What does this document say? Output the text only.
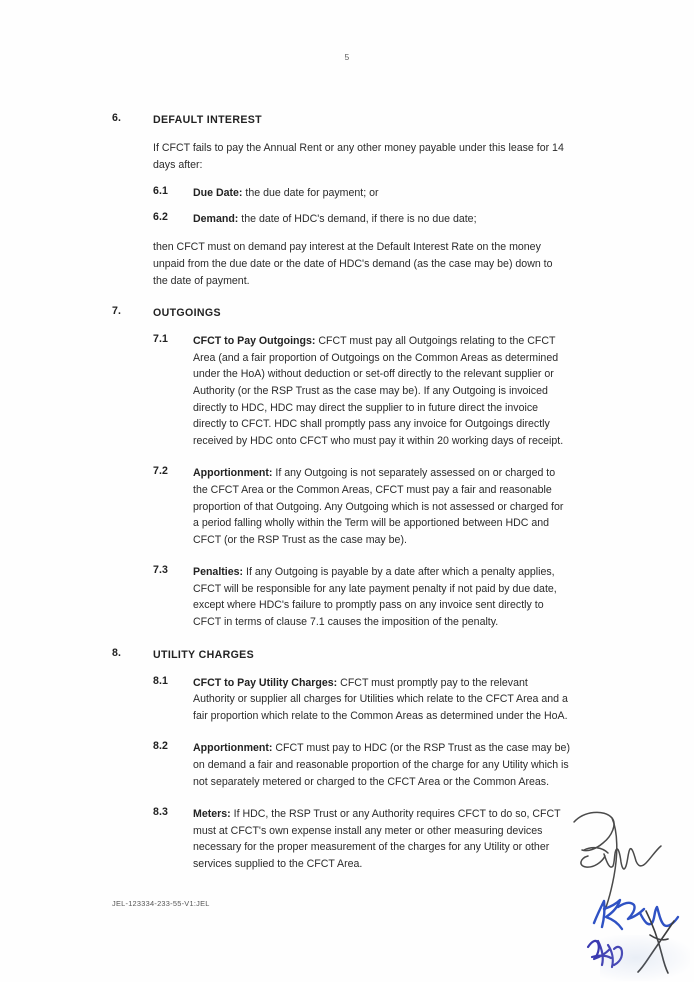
5
6.	DEFAULT INTEREST
If CFCT fails to pay the Annual Rent or any other money payable under this lease for 14 days after:
6.1	Due Date: the due date for payment; or
6.2	Demand: the date of HDC's demand, if there is no due date;
then CFCT must on demand pay interest at the Default Interest Rate on the money unpaid from the due date or the date of HDC's demand (as the case may be) down to the date of payment.
7.	OUTGOINGS
7.1	CFCT to Pay Outgoings: CFCT must pay all Outgoings relating to the CFCT Area (and a fair proportion of Outgoings on the Common Areas as determined under the HoA) without deduction or set-off directly to the relevant supplier or Authority (or the RSP Trust as the case may be). If any Outgoing is invoiced directly to HDC, HDC may direct the supplier to in future direct the invoice directly to CFCT. HDC shall promptly pass any invoice for Outgoings directly received by HDC onto CFCT who must pay it within 20 working days of receipt.
7.2	Apportionment: If any Outgoing is not separately assessed on or charged to the CFCT Area or the Common Areas, CFCT must pay a fair and reasonable proportion of that Outgoing. Any Outgoing which is not assessed or charged for a period falling wholly within the Term will be apportioned between HDC and CFCT (or the RSP Trust as the case may be).
7.3	Penalties: If any Outgoing is payable by a date after which a penalty applies, CFCT will be responsible for any late payment penalty if not paid by due date, except where HDC's failure to promptly pass on any invoice sent directly to CFCT in terms of clause 7.1 causes the imposition of the penalty.
8.	UTILITY CHARGES
8.1	CFCT to Pay Utility Charges: CFCT must promptly pay to the relevant Authority or supplier all charges for Utilities which relate to the CFCT Area and a fair proportion which relate to the Common Areas as determined under the HoA.
8.2	Apportionment: CFCT must pay to HDC (or the RSP Trust as the case may be) on demand a fair and reasonable proportion of the charge for any Utility which is not separately metered or charged to the CFCT Area or the Common Areas.
8.3	Meters: If HDC, the RSP Trust or any Authority requires CFCT to do so, CFCT must at CFCT's own expense install any meter or other measuring devices necessary for the proper measurement of the charges for any Utility or other services supplied to the CFCT Area.
JEL-123334-233-55-V1:JEL
